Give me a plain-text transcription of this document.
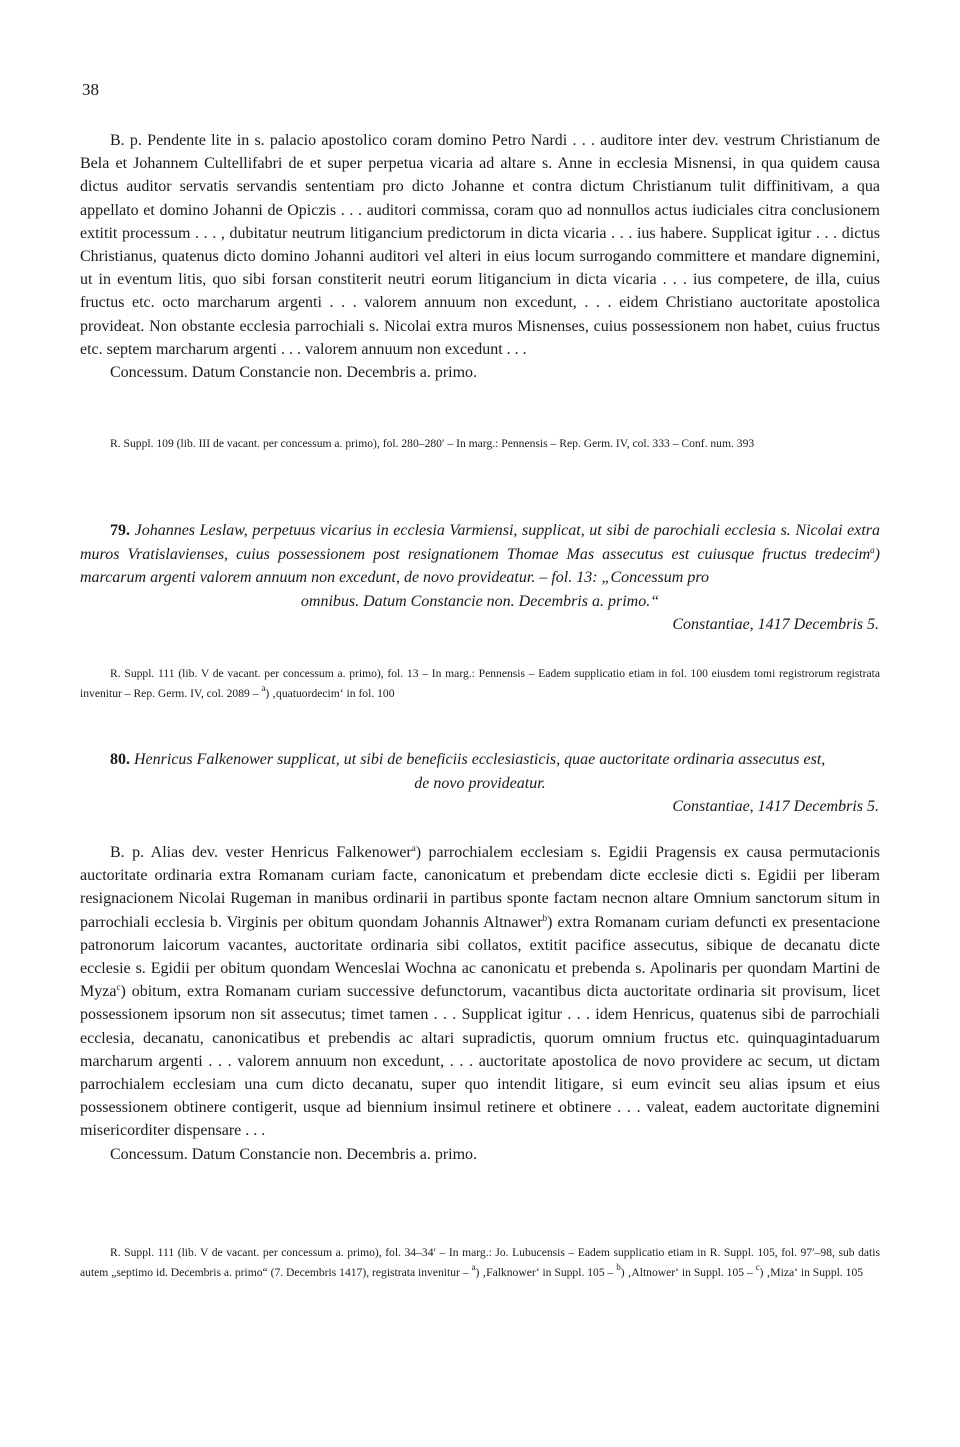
38

B. p. Pendente lite in s. palacio apostolico coram domino Petro Nardi . . . auditore inter dev. vestrum Christianum de Bela et Johannem Cultellifabri de et super perpetua vicaria ad altare s. Anne in ecclesia Misnensi, in qua quidem causa dictus auditor servatis servandis sententiam pro dicto Johanne et contra dictum Christianum tulit diffinitivam, a qua appellato et domino Johanni de Opiczis . . . auditori commissa, coram quo ad nonnullos actus iudiciales citra conclusionem extitit processum . . . , dubitatur neutrum litigancium predictorum in dicta vicaria . . . ius habere. Supplicat igitur . . . dictus Christianus, quatenus dicto domino Johanni auditori vel alteri in eius locum surrogando committere et mandare dignemini, ut in eventum litis, quo sibi forsan constiterit neutri eorum litigancium in dicta vicaria . . . ius competere, de illa, cuius fructus etc. octo marcharum argenti . . . valorem annuum non excedunt, . . . eidem Christiano auctoritate apostolica provideat. Non obstante ecclesia parrochiali s. Nicolai extra muros Misnenses, cuius possessionem non habet, cuius fructus etc. septem marcharum argenti . . . valorem annuum non excedunt . . .

Concessum. Datum Constancie non. Decembris a. primo.

R. Suppl. 109 (lib. III de vacant. per concessum a. primo), fol. 280–280′ – In marg.: Pennensis – Rep. Germ. IV, col. 333 – Conf. num. 393

79. Johannes Leslaw, perpetuus vicarius in ecclesia Varmiensi, supplicat, ut sibi de parochiali ecclesia s. Nicolai extra muros Vratislavienses, cuius possessionem post resignationem Thomae Mas assecutus est cuiusque fructus tredecim$^a$) marcarum argenti valorem annuum non excedunt, de novo provideatur. – fol. 13: „Concessum pro

omnibus. Datum Constancie non. Decembris a. primo.“
Constantiae, 1417 Decembris 5.

R. Suppl. 111 (lib. V de vacant. per concessum a. primo), fol. 13 – In marg.: Pennensis – Eadem supplicatio etiam in fol. 100 eiusdem tomi registrorum registrata invenitur – Rep. Germ. IV, col. 2089 – $^a$) ‚quatuordecim‘ in fol. 100

80. Henricus Falkenower supplicat, ut sibi de beneficiis ecclesiasticis, quae auctoritate ordinaria assecutus est,

de novo provideatur.
Constantiae, 1417 Decembris 5.

B. p. Alias dev. vester Henricus Falkenower$^a$) parrochialem ecclesiam s. Egidii Pragensis ex causa permutacionis auctoritate ordinaria extra Romanam curiam facte, canonicatum et prebendam dicte ecclesie dicti s. Egidii per liberam resignacionem Nicolai Rugeman in manibus ordinarii in partibus sponte factam necnon altare Omnium sanctorum situm in parrochiali ecclesia b. Virginis per obitum quondam Johannis Altnawer$^b$) extra Romanam curiam defuncti ex presentacione patronorum laicorum vacantes, auctoritate ordinaria sibi collatos, extitit pacifice assecutus, sibique de decanatu dicte ecclesie s. Egidii per obitum quondam Wenceslai Wochna ac canonicatu et prebenda s. Apolinaris per quondam Martini de Myza$^c$) obitum, extra Romanam curiam successive defunctorum, vacantibus dicta auctoritate ordinaria sit provisum, licet possessionem ipsorum non sit assecutus; timet tamen . . . Supplicat igitur . . . idem Henricus, quatenus sibi de parrochiali ecclesia, decanatu, canonicatibus et prebendis ac altari supradictis, quorum omnium fructus etc. quinquagintaduarum marcharum argenti . . . valorem annuum non excedunt, . . . auctoritate apostolica de novo providere ac secum, ut dictam parrochialem ecclesiam una cum dicto decanatu, super quo intendit litigare, si eum evincit seu alias ipsum et eius possessionem obtinere contigerit, usque ad biennium insimul retinere et obtinere . . . valeat, eadem auctoritate dignemini misericorditer dispensare . . .

Concessum. Datum Constancie non. Decembris a. primo.

R. Suppl. 111 (lib. V de vacant. per concessum a. primo), fol. 34–34′ – In marg.: Jo. Lubucensis – Eadem supplicatio etiam in R. Suppl. 105, fol. 97′–98, sub datis autem „septimo id. Decembris a. primo“ (7. Decembris 1417), registrata invenitur – $^a$) ‚Falknower‘ in Suppl. 105 – $^b$) ‚Altnower‘ in Suppl. 105 – $^c$) ‚Miza‘ in Suppl. 105
